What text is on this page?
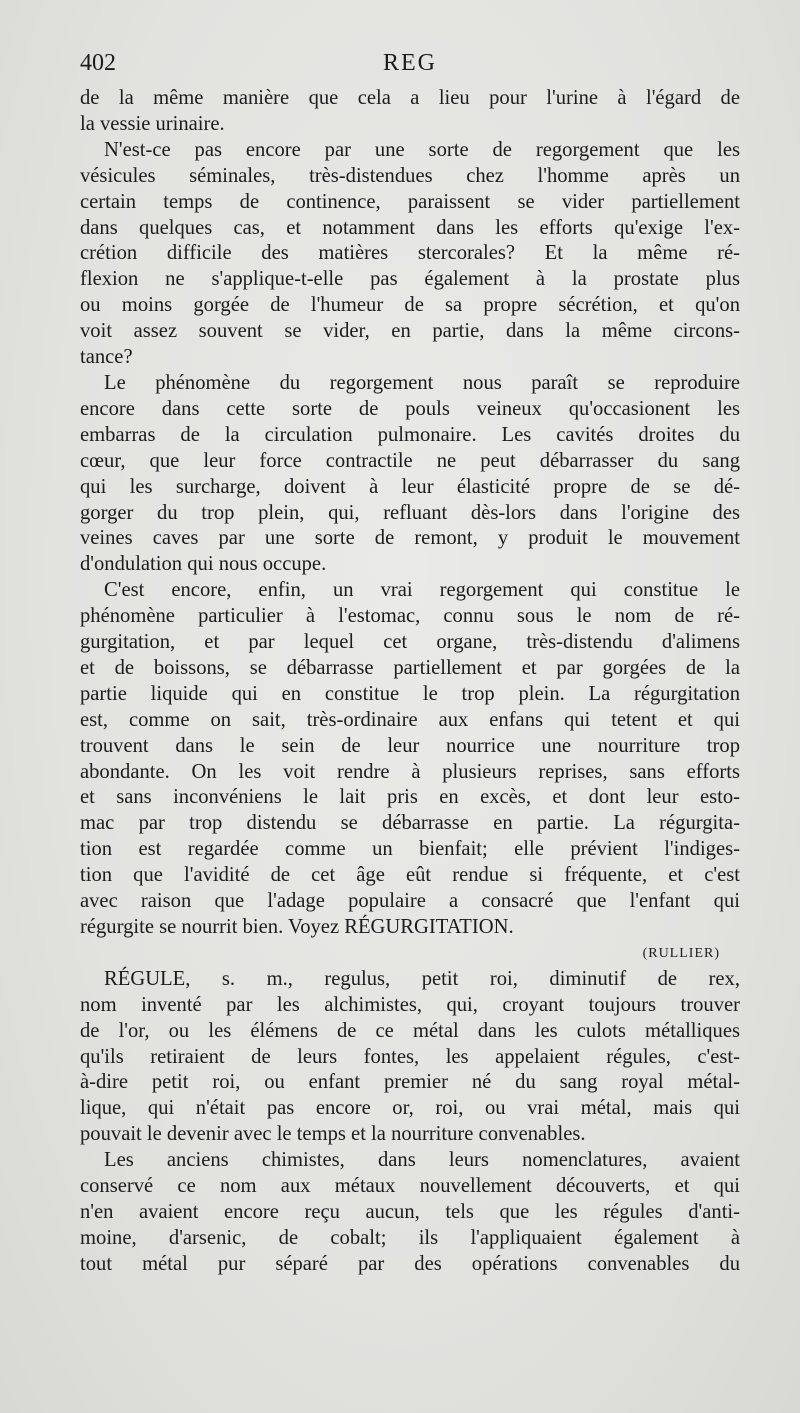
402	REG
de la même manière que cela a lieu pour l'urine à l'égard de
la vessie urinaire.
N'est-ce pas encore par une sorte de regorgement que les
vésicules séminales, très-distendues chez l'homme après un
certain temps de continence, paraissent se vider partiellement
dans quelques cas, et notamment dans les efforts qu'exige l'ex-
crétion difficile des matières stercorales? Et la même ré-
flexion ne s'applique-t-elle pas également à la prostate plus
ou moins gorgée de l'humeur de sa propre sécrétion, et qu'on
voit assez souvent se vider, en partie, dans la même circons-
tance?
Le phénomène du regorgement nous paraît se reproduire
encore dans cette sorte de pouls veineux qu'occasionent les
embarras de la circulation pulmonaire. Les cavités droites du
cœur, que leur force contractile ne peut débarrasser du sang
qui les surcharge, doivent à leur élasticité propre de se dé-
gorger du trop plein, qui, refluant dès-lors dans l'origine des
veines caves par une sorte de remont, y produit le mouvement
d'ondulation qui nous occupe.
C'est encore, enfin, un vrai regorgement qui constitue le
phénomène particulier à l'estomac, connu sous le nom de ré-
gurgitation, et par lequel cet organe, très-distendu d'alimens
et de boissons, se débarrasse partiellement et par gorgées de la
partie liquide qui en constitue le trop plein. La régurgitation
est, comme on sait, très-ordinaire aux enfans qui tetent et qui
trouvent dans le sein de leur nourrice une nourriture trop
abondante. On les voit rendre à plusieurs reprises, sans efforts
et sans inconvéniens le lait pris en excès, et dont leur esto-
mac par trop distendu se débarrasse en partie. La régurgita-
tion est regardée comme un bienfait; elle prévient l'indiges-
tion que l'avidité de cet âge eût rendue si fréquente, et c'est
avec raison que l'adage populaire a consacré que l'enfant qui
régurgite se nourrit bien. Voyez RÉGURGITATION.
(RULLIER)
RÉGULE, s. m., regulus, petit roi, diminutif de rex,
nom inventé par les alchimistes, qui, croyant toujours trouver
de l'or, ou les élémens de ce métal dans les culots métalliques
qu'ils retiraient de leurs fontes, les appelaient régules, c'est-
à-dire petit roi, ou enfant premier né du sang royal métal-
lique, qui n'était pas encore or, roi, ou vrai métal, mais qui
pouvait le devenir avec le temps et la nourriture convenables.
Les anciens chimistes, dans leurs nomenclatures, avaient
conservé ce nom aux métaux nouvellement découverts, et qui
n'en avaient encore reçu aucun, tels que les régules d'anti-
moine, d'arsenic, de cobalt; ils l'appliquaient également à
tout métal pur séparé par des opérations convenables du
